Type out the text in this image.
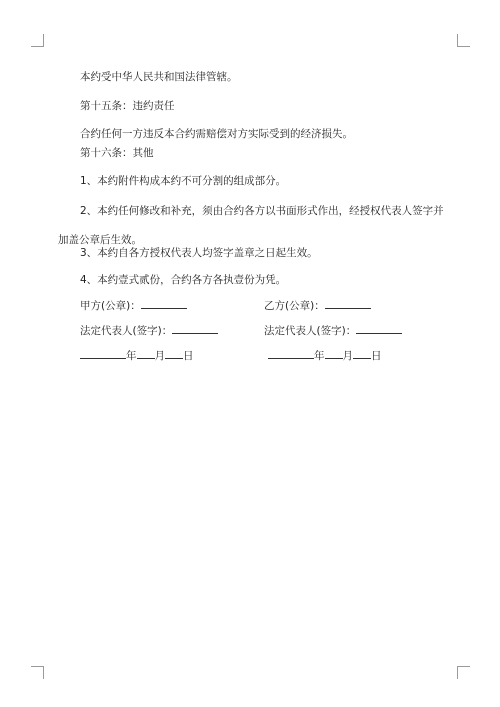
本约受中华人民共和国法律管辖。
第十五条：违约责任
合约任何一方违反本合约需赔偿对方实际受到的经济损失。
第十六条：其他
1、本约附件构成本约不可分割的组成部分。
2、本约任何修改和补充，须由合约各方以书面形式作出，经授权代表人签字并
加盖公章后生效。
3、本约自各方授权代表人均签字盖章之日起生效。
4、本约壹式贰份，合约各方各执壹份为凭。
甲方(公章)：	乙方(公章)：
法定代表人(签字)：	法定代表人(签字)：
年 月 日	年 月 日
